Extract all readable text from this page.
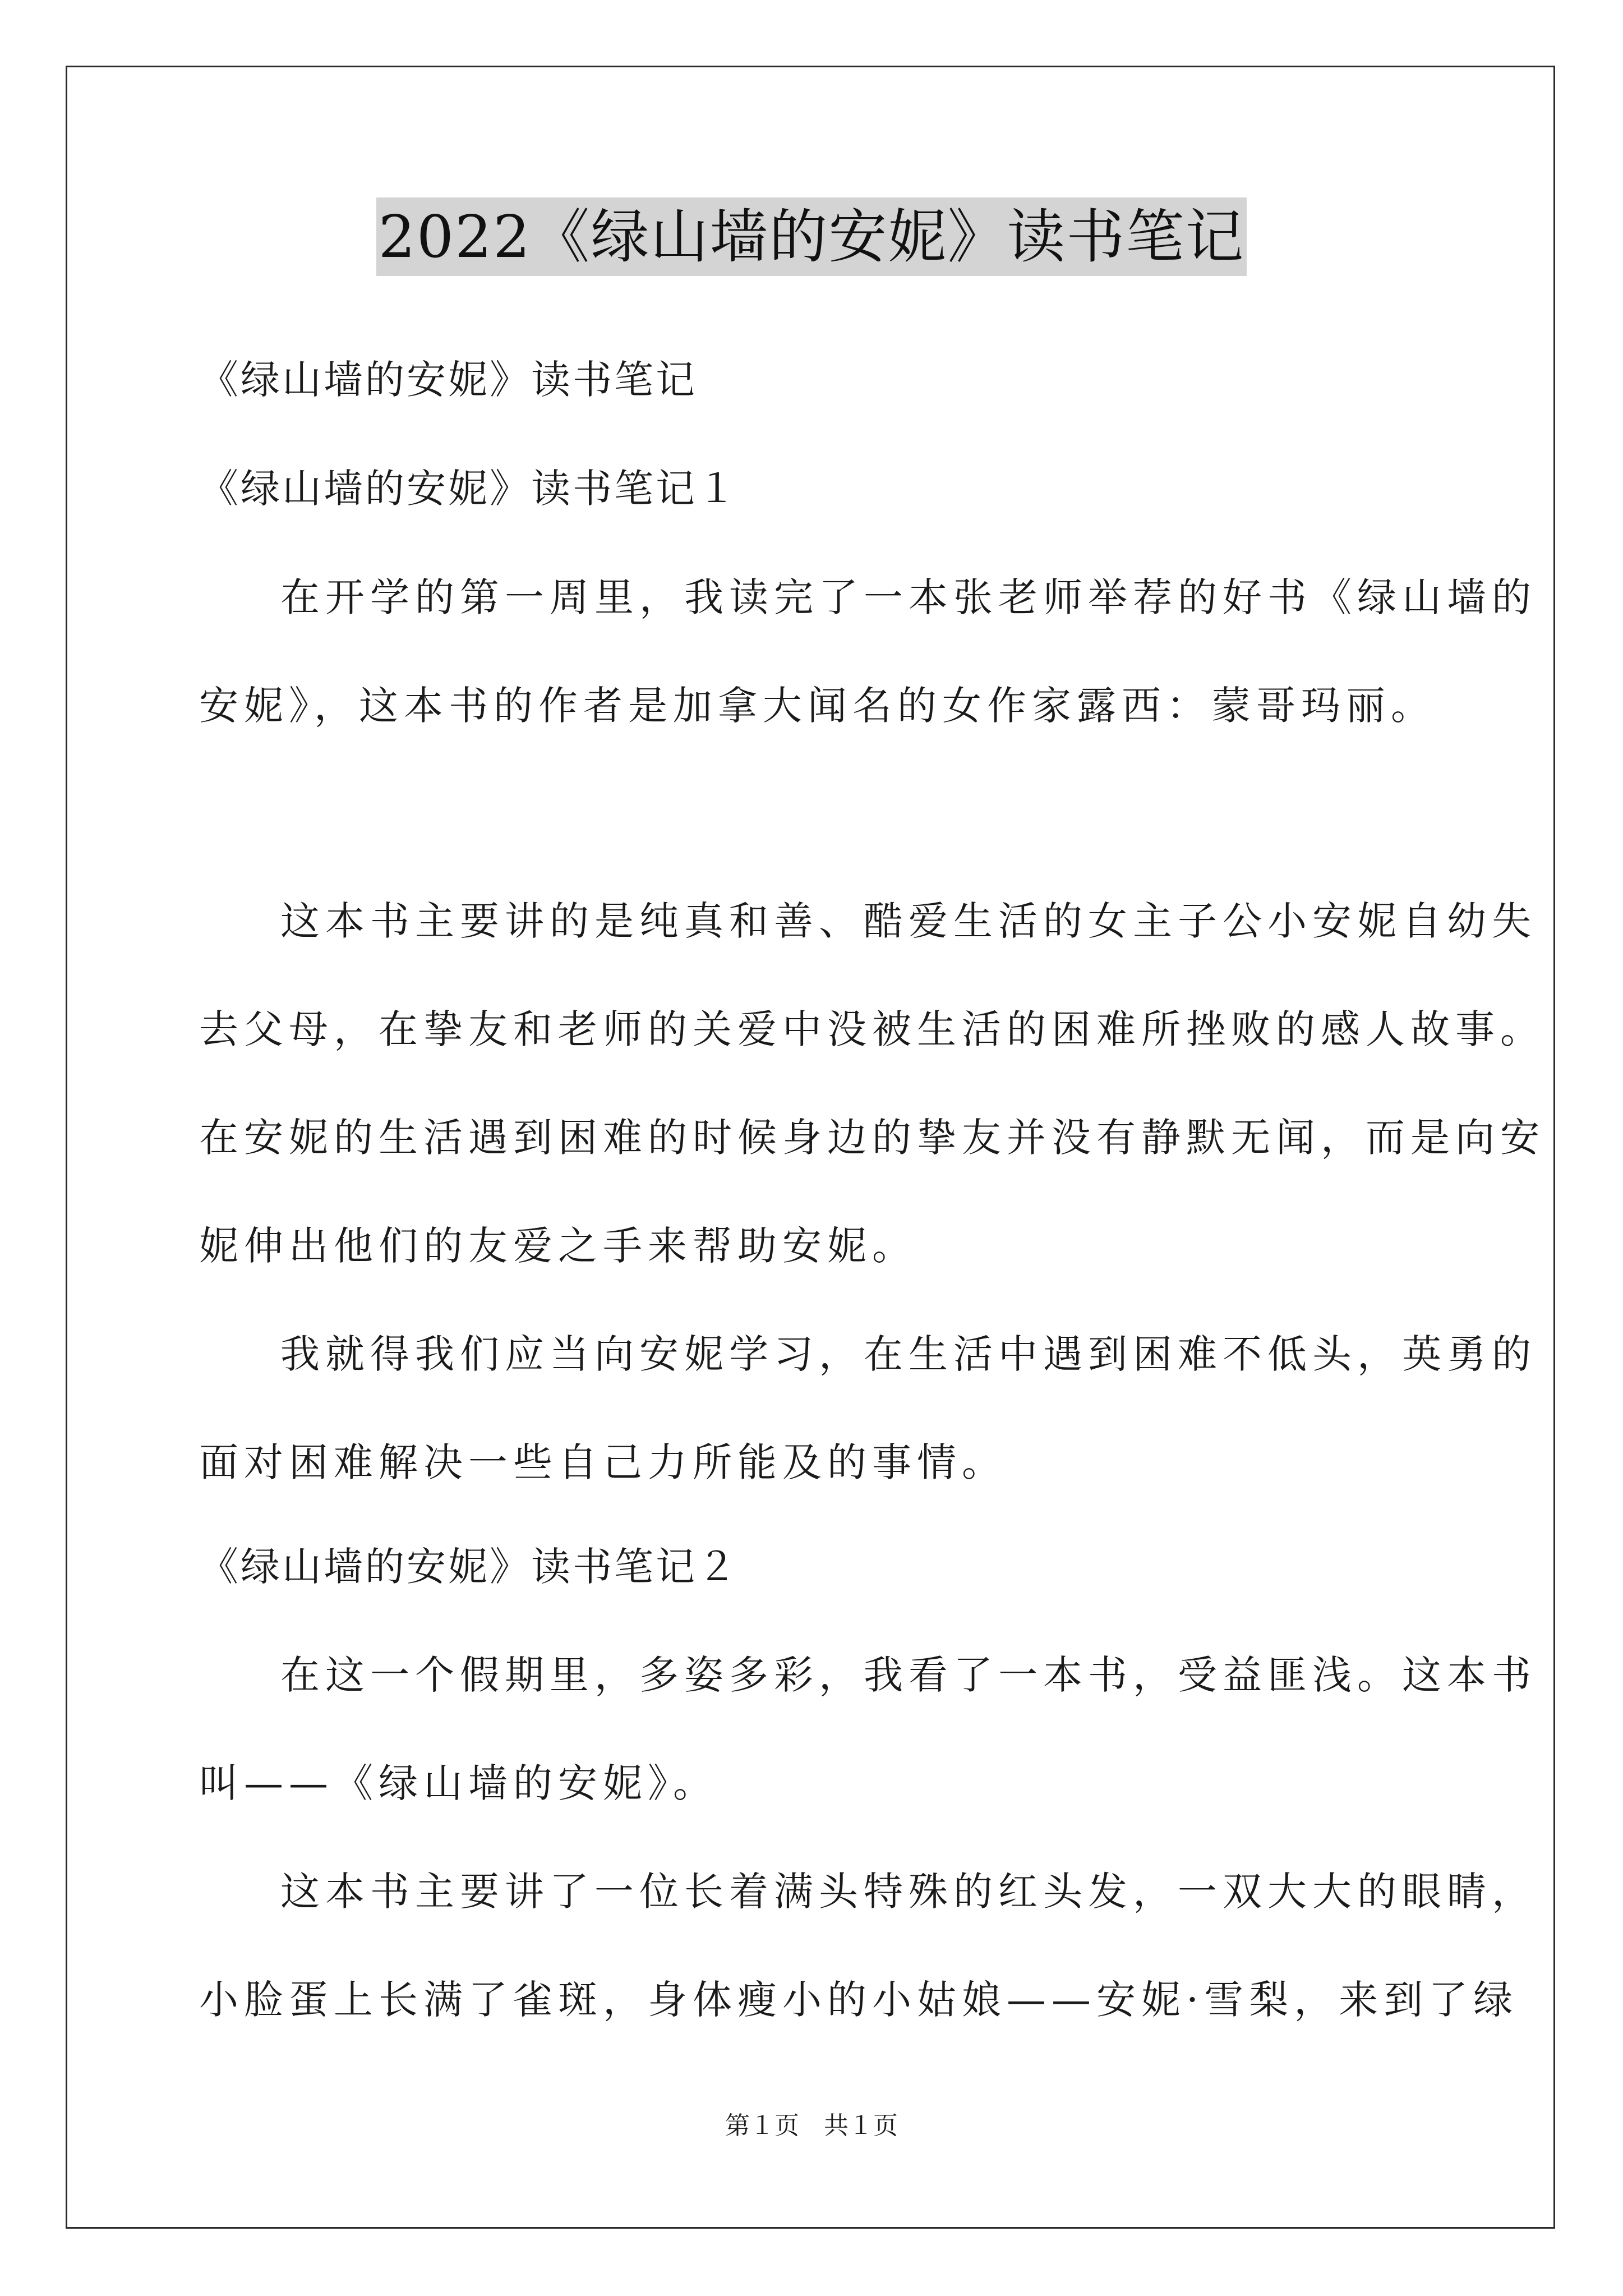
2022《绿山墙的安妮》读书笔记
《绿山墙的安妮》读书笔记
《绿山墙的安妮》读书笔记１
在开学的第一周里，我读完了一本张老师举荐的好书《绿山墙的
安妮》，这本书的作者是加拿大闻名的女作家露西：蒙哥玛丽。
这本书主要讲的是纯真和善、酷爱生活的女主子公小安妮自幼失
去父母，在挚友和老师的关爱中没被生活的困难所挫败的感人故事。
在安妮的生活遇到困难的时候身边的挚友并没有静默无闻，而是向安
妮伸出他们的友爱之手来帮助安妮。
我就得我们应当向安妮学习，在生活中遇到困难不低头，英勇的
面对困难解决一些自己力所能及的事情。
《绿山墙的安妮》读书笔记２
在这一个假期里，多姿多彩，我看了一本书，受益匪浅。这本书
叫——《绿山墙的安妮》。
这本书主要讲了一位长着满头特殊的红头发，一双大大的眼睛，
小脸蛋上长满了雀斑，身体瘦小的小姑娘——安妮·雪梨，来到了绿
第１页　共１页
